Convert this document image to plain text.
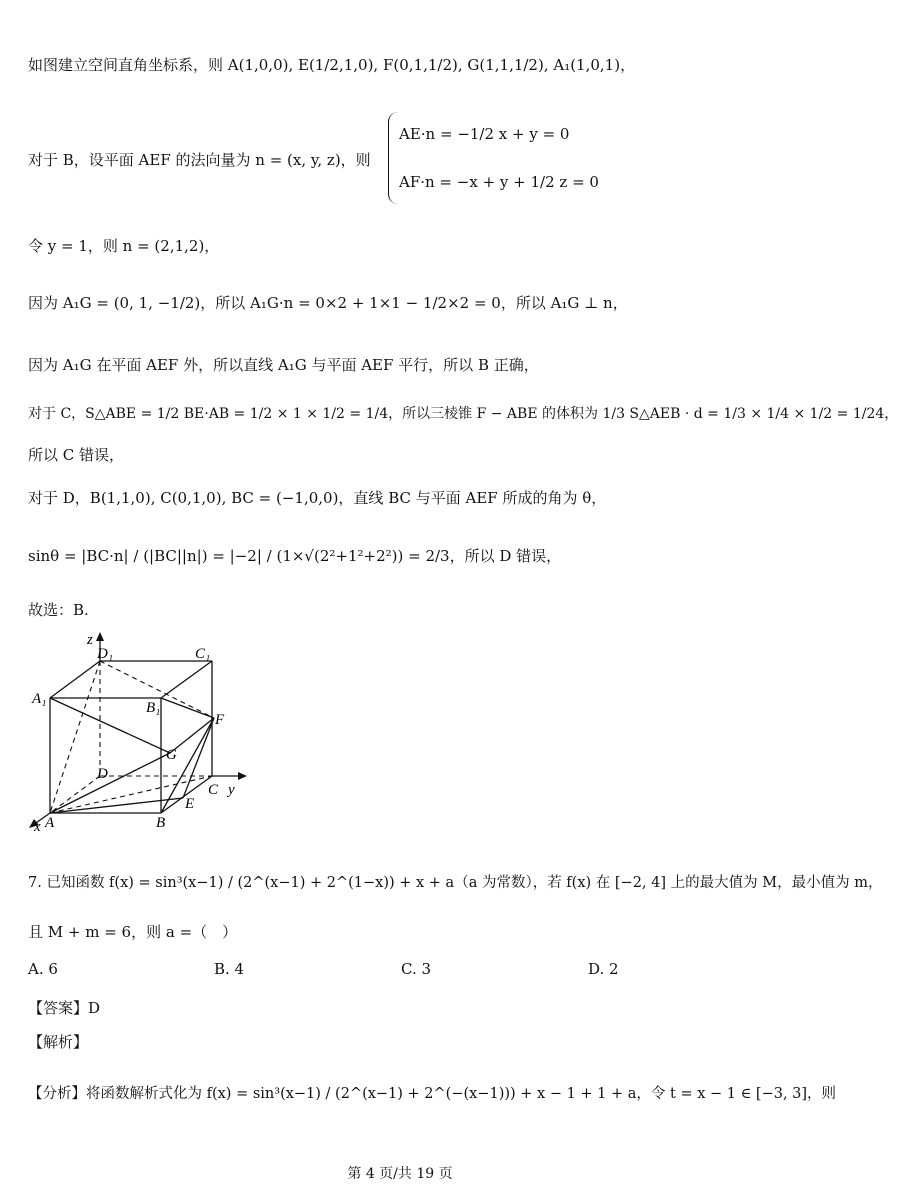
如图建立空间直角坐标系，则 A(1,0,0), E(1/2,1,0), F(0,1,1/2), G(1,1,1/2), A₁(1,0,1)，
对于 B，设平面 AEF 的法向量为 n = (x, y, z)，则
AE·n = −1/2 x + y = 0
AF·n = −x + y + 1/2 z = 0
令 y = 1，则 n = (2,1,2)，
因为 A₁G = (0, 1, −1/2)，所以 A₁G·n = 0×2 + 1×1 − 1/2×2 = 0，所以 A₁G ⊥ n，
因为 A₁G 在平面 AEF 外，所以直线 A₁G 与平面 AEF 平行，所以 B 正确，
对于 C，S△ABE = 1/2 BE·AB = 1/2 × 1 × 1/2 = 1/4，所以三棱锥 F − ABE 的体积为 1/3 S△AEB · d = 1/3 × 1/4 × 1/2 = 1/24，
所以 C 错误，
对于 D，B(1,1,0), C(0,1,0), BC = (−1,0,0)，直线 BC 与平面 AEF 所成的角为 θ，
sinθ = |BC·n| / (|BC||n|) = |−2| / (1×√(2²+1²+2²)) = 2/3，所以 D 错误，
故选：B.
z
D₁	C₁
A₁
B₁
F
G
D
C y
E
B
A
x
7. 已知函数 f(x) = sin³(x−1) / (2^(x−1) + 2^(1−x)) + x + a（a 为常数），若 f(x) 在 [−2, 4] 上的最大值为 M，最小值为 m，
且 M + m = 6，则 a =（　）
A. 6	B. 4	C. 3	D. 2
【答案】D
【解析】
【分析】将函数解析式化为 f(x) = sin³(x−1) / (2^(x−1) + 2^(−(x−1))) + x − 1 + 1 + a，令 t = x − 1 ∈ [−3, 3]，则
第 4 页/共 19 页
